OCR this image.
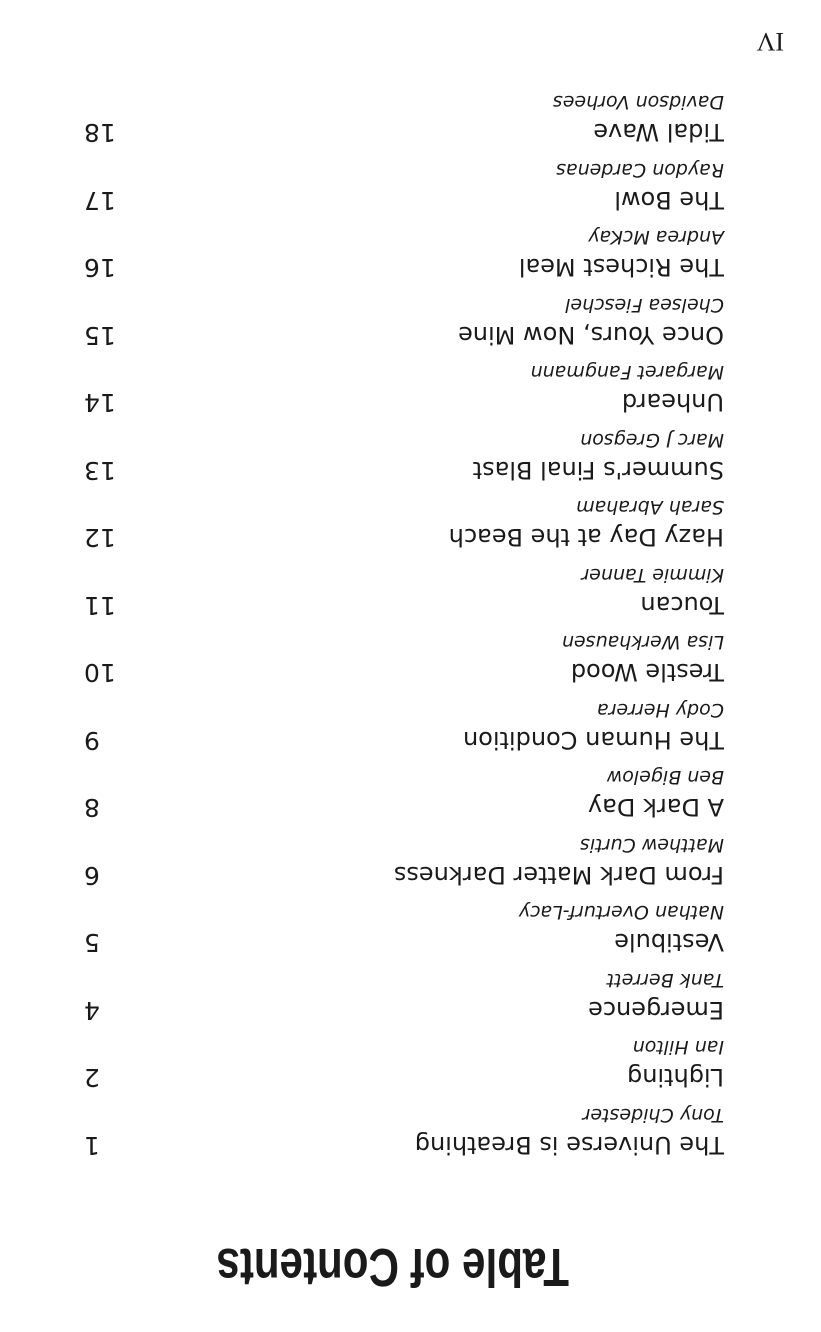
Table of Contents
The Universe is Breathing
Tony Chidester
1
Lighting
Ian Hilton
2
Emergence
Tank Berrett
4
Vestibule
Nathan Overturf-Lacy
5
From Dark Matter Darkness
Matthew Curtis
6
A Dark Day
Ben Bigelow
8
The Human Condition
Cody Herrera
9
Trestle Wood
Lisa Werkhausen
10
Toucan
Kimmie Tanner
11
Hazy Day at the Beach
Sarah Abraham
12
Summer's Final Blast
Marc J Gregson
13
Unheard
Margaret Fangmann
14
Once Yours, Now Mine
Chelsea Fieschel
15
The Richest Meal
Andrea McKay
16
The Bowl
Raydon Cardenas
17
Tidal Wave
Davidson Vorhees
18

IV
